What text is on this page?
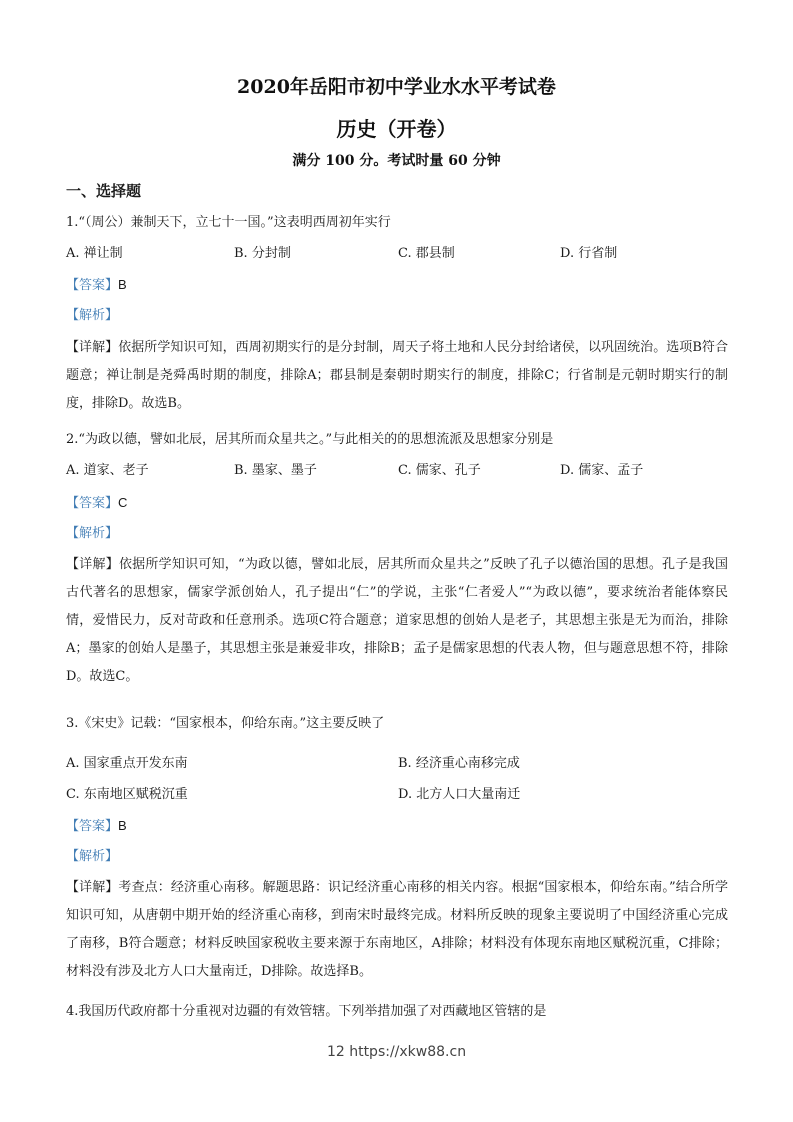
2020年岳阳市初中学业水水平考试卷
历史（开卷）
满分 100 分。考试时量 60 分钟
一、选择题
1.“（周公）兼制天下，立七十一国。”这表明西周初年实行
A. 禅让制	B. 分封制	C. 郡县制	D. 行省制
【答案】B
【解析】
【详解】依据所学知识可知，西周初期实行的是分封制，周天子将土地和人民分封给诸侯，以巩固统治。选项B符合题意；禅让制是尧舜禹时期的制度，排除A；郡县制是秦朝时期实行的制度，排除C；行省制是元朝时期实行的制度，排除D。故选B。
2.“为政以德，譬如北辰，居其所而众星共之。”与此相关的的思想流派及思想家分别是
A. 道家、老子	B. 墨家、墨子	C. 儒家、孔子	D. 儒家、孟子
【答案】C
【解析】
【详解】依据所学知识可知，“为政以德，譬如北辰，居其所而众星共之”反映了孔子以德治国的思想。孔子是我国古代著名的思想家，儒家学派创始人，孔子提出“仁”的学说，主张“仁者爱人”“为政以德”，要求统治者能体察民情，爱惜民力，反对苛政和任意刑杀。选项C符合题意；道家思想的创始人是老子，其思想主张是无为而治，排除A；墨家的创始人是墨子，其思想主张是兼爱非攻，排除B；孟子是儒家思想的代表人物，但与题意思想不符，排除D。故选C。
3.《宋史》记载：“国家根本，仰给东南。”这主要反映了
A. 国家重点开发东南	B. 经济重心南移完成
C. 东南地区赋税沉重	D. 北方人口大量南迁
【答案】B
【解析】
【详解】考查点：经济重心南移。解题思路：识记经济重心南移的相关内容。根据“国家根本，仰给东南。”结合所学知识可知，从唐朝中期开始的经济重心南移，到南宋时最终完成。材料所反映的现象主要说明了中国经济重心完成了南移，B符合题意；材料反映国家税收主要来源于东南地区，A排除；材料没有体现东南地区赋税沉重，C排除；材料没有涉及北方人口大量南迁，D排除。故选择B。
4.我国历代政府都十分重视对边疆的有效管辖。下列举措加强了对西藏地区管辖的是
12 https://xkw88.cn
